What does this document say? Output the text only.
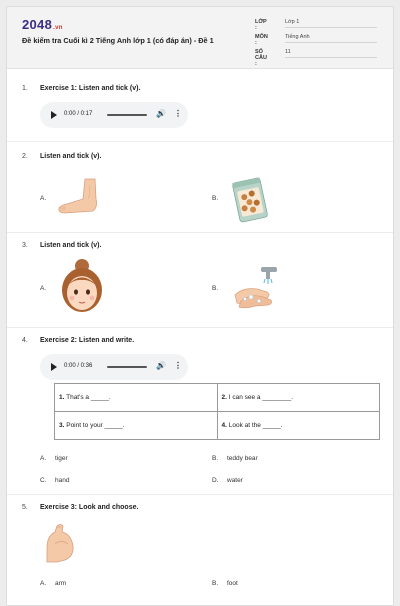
2048.vn
Đề kiểm tra Cuối kì 2 Tiếng Anh lớp 1 (có đáp án) - Đề 1
LỚP :
Lớp 1
MÔN :
Tiếng Anh
SỐ CÂU :
11
1. Exercise 1: Listen and tick (v).
0:00 / 0:17	🔊 ⋮
2. Listen and tick (v).
A.	B.
3. Listen and tick (v).
A.	B.
4. Exercise 2: Listen and write.
0:00 / 0:36	🔊 ⋮
1. That's a _____.	2. I can see a ________.
3. Point to your _____.	4. Look at the _____.
A. tiger	B. teddy bear
C. hand	D. water
5. Exercise 3: Look and choose.
A. arm	B. foot
